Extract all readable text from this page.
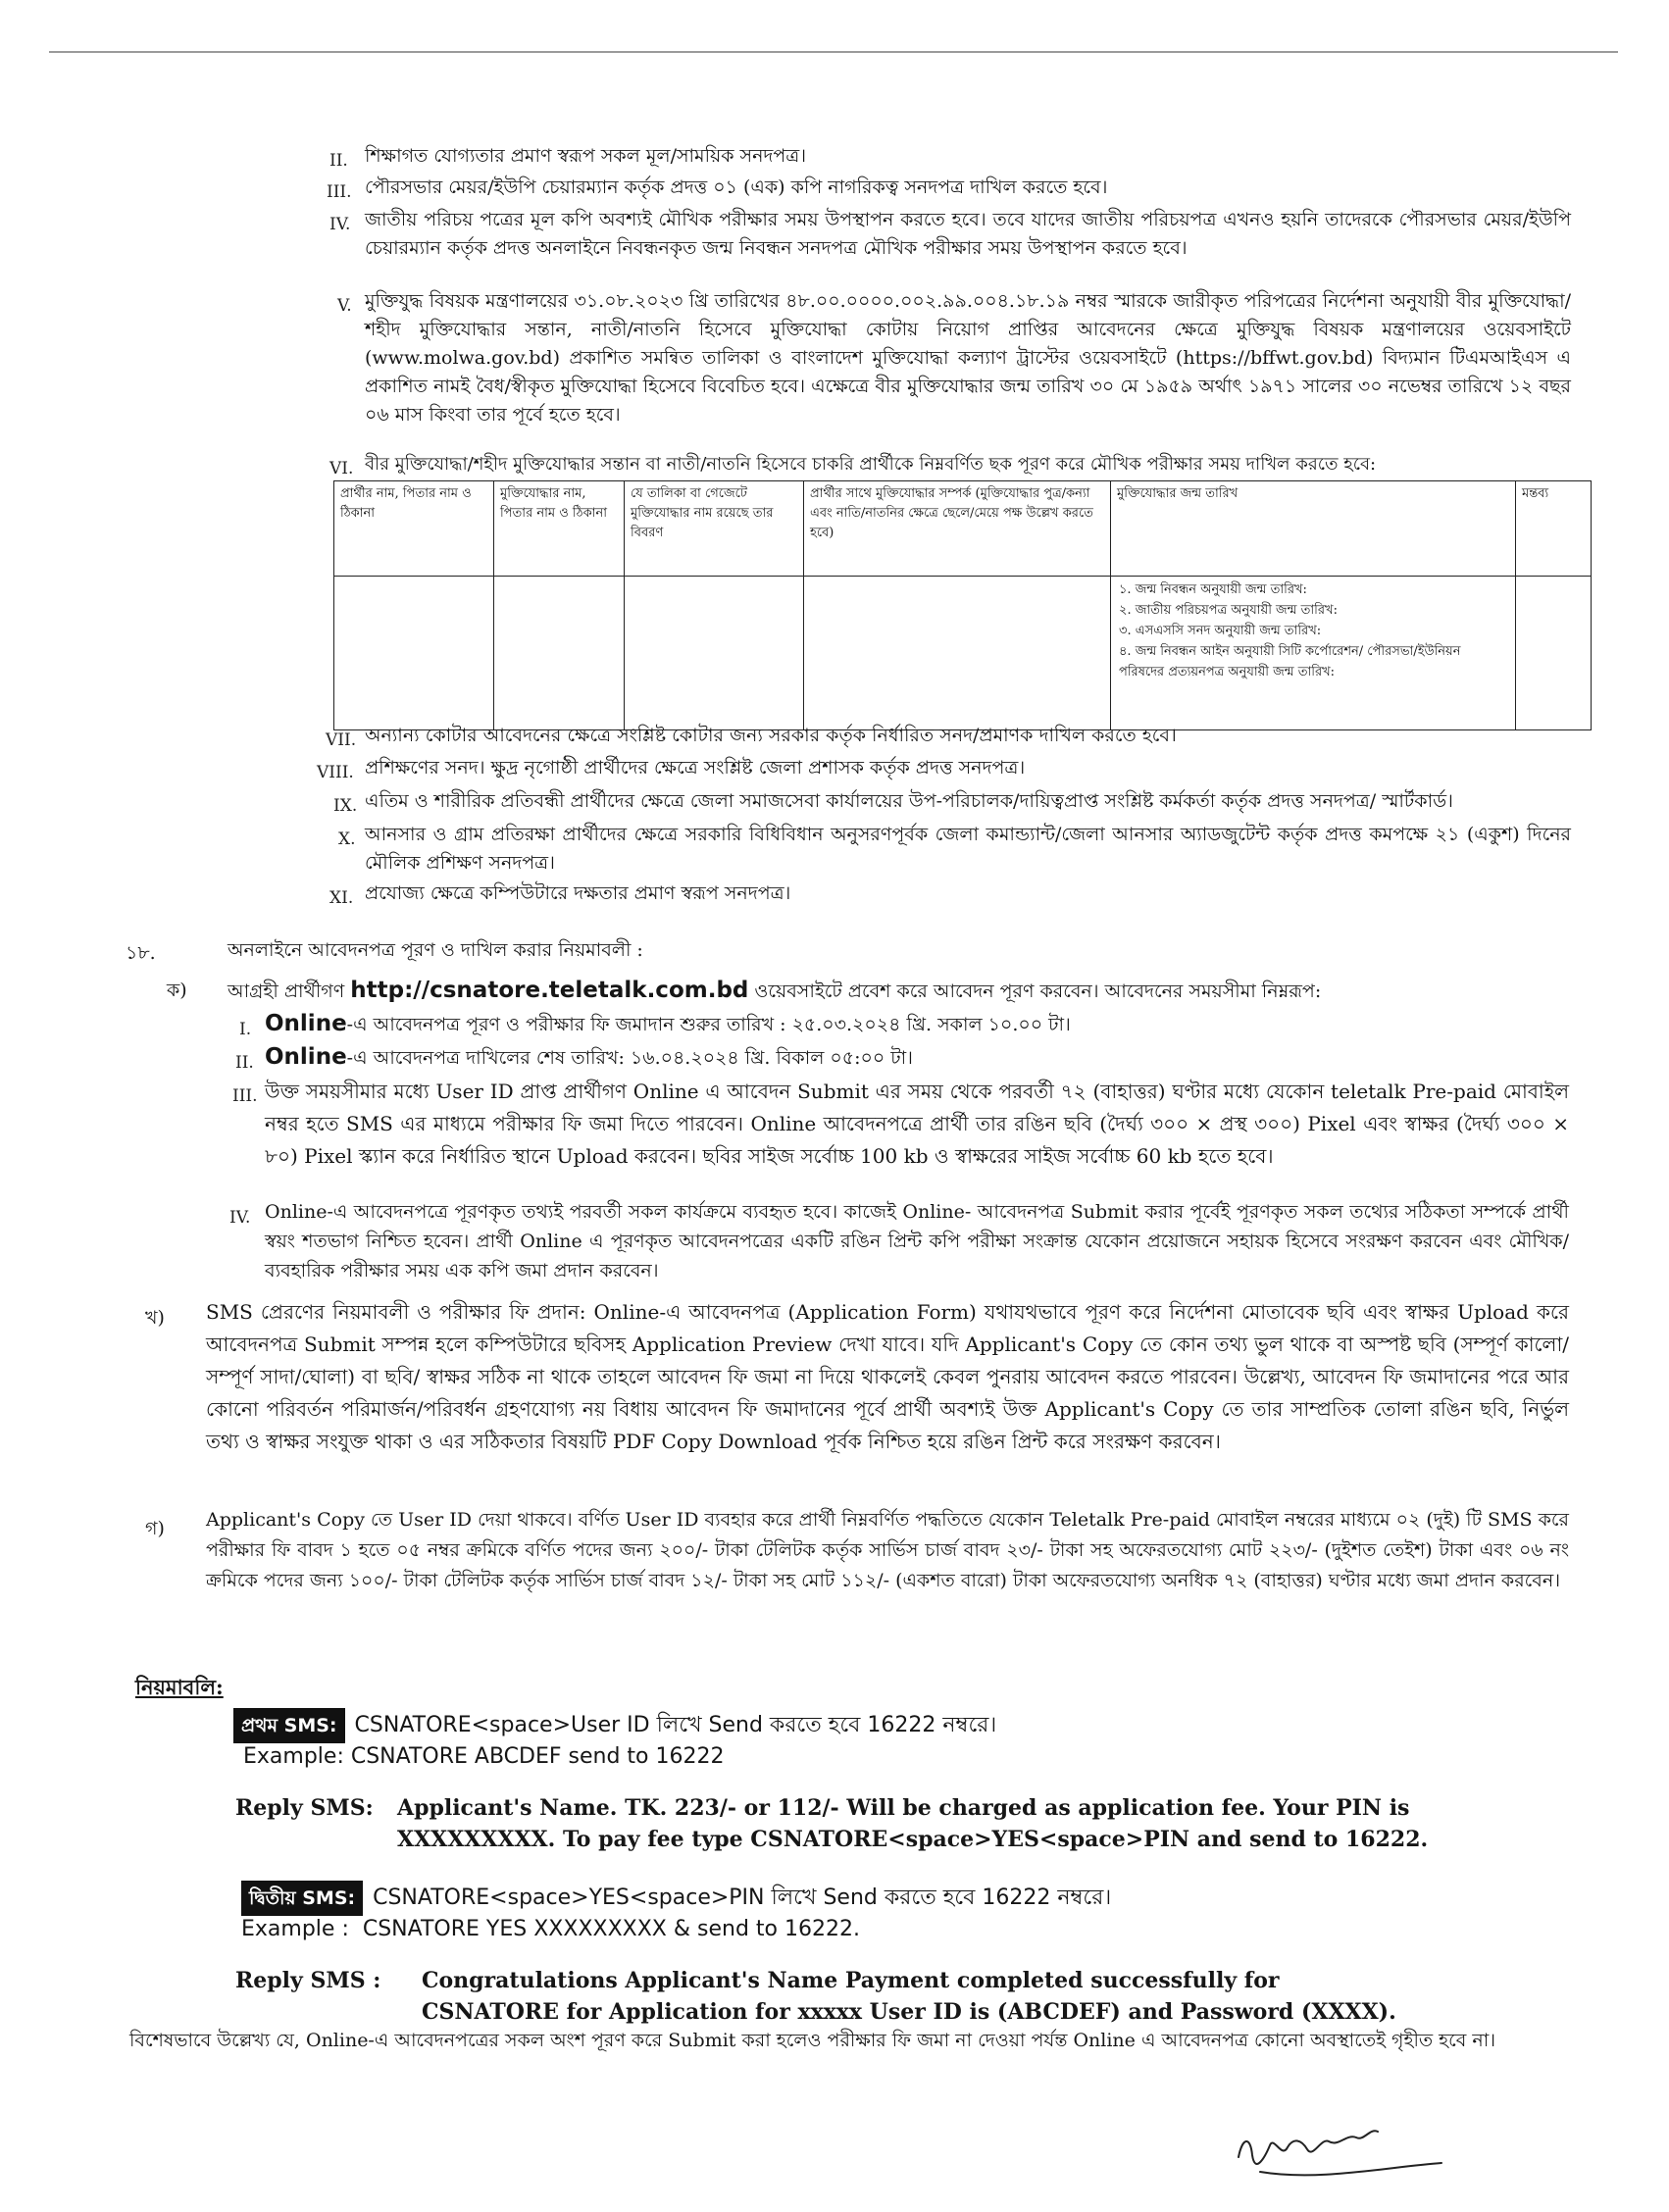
II. শিক্ষাগত যোগ্যতার প্রমাণ স্বরূপ সকল মূল/সাময়িক সনদপত্র।
III. পৌরসভার মেয়র/ইউপি চেয়ারম্যান কর্তৃক প্রদত্ত ০১ (এক) কপি নাগরিকত্ব সনদপত্র দাখিল করতে হবে।
IV. জাতীয় পরিচয় পত্রের মূল কপি অবশ্যই মৌখিক পরীক্ষার সময় উপস্থাপন করতে হবে। তবে যাদের জাতীয় পরিচয়পত্র এখনও হয়নি তাদেরকে পৌরসভার মেয়র/ইউপি চেয়ারম্যান কর্তৃক প্রদত্ত অনলাইনে নিবন্ধনকৃত জন্ম নিবন্ধন সনদপত্র মৌখিক পরীক্ষার সময় উপস্থাপন করতে হবে।
V. মুক্তিযুদ্ধ বিষয়ক মন্ত্রণালয়ের ৩১.০৮.২০২৩ খ্রি তারিখের ৪৮.০০.০০০০.০০২.৯৯.০০৪.১৮.১৯ নম্বর স্মারকে জারীকৃত পরিপত্রের নির্দেশনা অনুযায়ী বীর মুক্তিযোদ্ধা/শহীদ মুক্তিযোদ্ধার সন্তান, নাতী/নাতনি হিসেবে মুক্তিযোদ্ধা কোটায় নিয়োগ প্রাপ্তির আবেদনের ক্ষেত্রে মুক্তিযুদ্ধ বিষয়ক মন্ত্রণালয়ের ওয়েবসাইটে (www.molwa.gov.bd) প্রকাশিত সমন্বিত তালিকা ও বাংলাদেশ মুক্তিযোদ্ধা কল্যাণ ট্রাস্টের ওয়েবসাইটে (https://bffwt.gov.bd) বিদ্যমান টিএমআইএস এ প্রকাশিত নামই বৈধ/স্বীকৃত মুক্তিযোদ্ধা হিসেবে বিবেচিত হবে। এক্ষেত্রে বীর মুক্তিযোদ্ধার জন্ম তারিখ ৩০ মে ১৯৫৯ অর্থাৎ ১৯৭১ সালের ৩০ নভেম্বর তারিখে ১২ বছর ০৬ মাস কিংবা তার পূর্বে হতে হবে।
VI. বীর মুক্তিযোদ্ধা/শহীদ মুক্তিযোদ্ধার সন্তান বা নাতী/নাতনি হিসেবে চাকরি প্রার্থীকে নিম্নবর্ণিত ছক পূরণ করে মৌখিক পরীক্ষার সময় দাখিল করতে হবে:
প্রার্থীর নাম, পিতার নাম ও ঠিকানা	মুক্তিযোদ্ধার নাম, পিতার নাম ও ঠিকানা	যে তালিকা বা গেজেটে মুক্তিযোদ্ধার নাম রয়েছে তার বিবরণ	প্রার্থীর সাথে মুক্তিযোদ্ধার সম্পর্ক (মুক্তিযোদ্ধার পুত্র/কন্যা এবং নাতি/নাতনির ক্ষেত্রে ছেলে/মেয়ে পক্ষ উল্লেখ করতে হবে)	মুক্তিযোদ্ধার জন্ম তারিখ	মন্তব্য

				১. জন্ম নিবন্ধন অনুযায়ী জন্ম তারিখ:
২. জাতীয় পরিচয়পত্র অনুযায়ী জন্ম তারিখ:
৩. এসএসসি সনদ অনুযায়ী জন্ম তারিখ:
৪. জন্ম নিবন্ধন আইন অনুযায়ী সিটি কর্পোরেশন/ পৌরসভা/ইউনিয়ন পরিষদের প্রত্যয়নপত্র অনুযায়ী জন্ম তারিখ:	

VII. অন্যান্য কোটার আবেদনের ক্ষেত্রে সংশ্লিষ্ট কোটার জন্য সরকার কর্তৃক নির্ধারিত সনদ/প্রমাণক দাখিল করতে হবে।
VIII. প্রশিক্ষণের সনদ। ক্ষুদ্র নৃগোষ্ঠী প্রার্থীদের ক্ষেত্রে সংশ্লিষ্ট জেলা প্রশাসক কর্তৃক প্রদত্ত সনদপত্র।
IX. এতিম ও শারীরিক প্রতিবন্ধী প্রার্থীদের ক্ষেত্রে জেলা সমাজসেবা কার্যালয়ের উপ-পরিচালক/দায়িত্বপ্রাপ্ত সংশ্লিষ্ট কর্মকর্তা কর্তৃক প্রদত্ত সনদপত্র/ স্মার্টকার্ড।
X. আনসার ও গ্রাম প্রতিরক্ষা প্রার্থীদের ক্ষেত্রে সরকারি বিধিবিধান অনুসরণপূর্বক জেলা কমান্ড্যান্ট/জেলা আনসার অ্যাডজুটেন্ট কর্তৃক প্রদত্ত কমপক্ষে ২১ (একুশ) দিনের মৌলিক প্রশিক্ষণ সনদপত্র।
XI. প্রযোজ্য ক্ষেত্রে কম্পিউটারে দক্ষতার প্রমাণ স্বরূপ সনদপত্র।
১৮.	অনলাইনে আবেদনপত্র পূরণ ও দাখিল করার নিয়মাবলী :
ক) আগ্রহী প্রার্থীগণ http://csnatore.teletalk.com.bd ওয়েবসাইটে প্রবেশ করে আবেদন পূরণ করবেন। আবেদনের সময়সীমা নিম্নরূপ:
I. Online-এ আবেদনপত্র পূরণ ও পরীক্ষার ফি জমাদান শুরুর তারিখ : ২৫.০৩.২০২৪ খ্রি. সকাল ১০.০০ টা।
II. Online-এ আবেদনপত্র দাখিলের শেষ তারিখ: ১৬.০৪.২০২৪ খ্রি. বিকাল ০৫:০০ টা।
III. উক্ত সময়সীমার মধ্যে User ID প্রাপ্ত প্রার্থীগণ Online এ আবেদন Submit এর সময় থেকে পরবর্তী ৭২ (বাহাত্তর) ঘণ্টার মধ্যে যেকোন teletalk Pre-paid মোবাইল নম্বর হতে SMS এর মাধ্যমে পরীক্ষার ফি জমা দিতে পারবেন। Online আবেদনপত্রে প্রার্থী তার রঙিন ছবি (দৈর্ঘ্য ৩০০ × প্রস্থ ৩০০) Pixel এবং স্বাক্ষর (দৈর্ঘ্য ৩০০ × ৮০) Pixel স্ক্যান করে নির্ধারিত স্থানে Upload করবেন। ছবির সাইজ সর্বোচ্চ 100 kb ও স্বাক্ষরের সাইজ সর্বোচ্চ 60 kb হতে হবে।
IV. Online-এ আবেদনপত্রে পূরণকৃত তথ্যই পরবর্তী সকল কার্যক্রমে ব্যবহৃত হবে। কাজেই Online- আবেদনপত্র Submit করার পূর্বেই পূরণকৃত সকল তথ্যের সঠিকতা সম্পর্কে প্রার্থী স্বয়ং শতভাগ নিশ্চিত হবেন। প্রার্থী Online এ পূরণকৃত আবেদনপত্রের একটি রঙিন প্রিন্ট কপি পরীক্ষা সংক্রান্ত যেকোন প্রয়োজনে সহায়ক হিসেবে সংরক্ষণ করবেন এবং মৌখিক/ব্যবহারিক পরীক্ষার সময় এক কপি জমা প্রদান করবেন।
খ) SMS প্রেরণের নিয়মাবলী ও পরীক্ষার ফি প্রদান: Online-এ আবেদনপত্র (Application Form) যথাযথভাবে পূরণ করে নির্দেশনা মোতাবেক ছবি এবং স্বাক্ষর Upload করে আবেদনপত্র Submit সম্পন্ন হলে কম্পিউটারে ছবিসহ Application Preview দেখা যাবে। যদি Applicant's Copy তে কোন তথ্য ভুল থাকে বা অস্পষ্ট ছবি (সম্পূর্ণ কালো/সম্পূর্ণ সাদা/ঘোলা) বা ছবি/ স্বাক্ষর সঠিক না থাকে তাহলে আবেদন ফি জমা না দিয়ে থাকলেই কেবল পুনরায় আবেদন করতে পারবেন। উল্লেখ্য, আবেদন ফি জমাদানের পরে আর কোনো পরিবর্তন পরিমার্জন/পরিবর্ধন গ্রহণযোগ্য নয় বিধায় আবেদন ফি জমাদানের পূর্বে প্রার্থী অবশ্যই উক্ত Applicant's Copy তে তার সাম্প্রতিক তোলা রঙিন ছবি, নির্ভুল তথ্য ও স্বাক্ষর সংযুক্ত থাকা ও এর সঠিকতার বিষয়টি PDF Copy Download পূর্বক নিশ্চিত হয়ে রঙিন প্রিন্ট করে সংরক্ষণ করবেন।
গ) Applicant's Copy তে User ID দেয়া থাকবে। বর্ণিত User ID ব্যবহার করে প্রার্থী নিম্নবর্ণিত পদ্ধতিতে যেকোন Teletalk Pre-paid মোবাইল নম্বরের মাধ্যমে ০২ (দুই) টি SMS করে পরীক্ষার ফি বাবদ ১ হতে ০৫ নম্বর ক্রমিকে বর্ণিত পদের জন্য ২০০/- টাকা টেলিটক কর্তৃক সার্ভিস চার্জ বাবদ ২৩/- টাকা সহ অফেরতযোগ্য মোট ২২৩/- (দুইশত তেইশ) টাকা এবং ০৬ নং ক্রমিকে পদের জন্য ১০০/- টাকা টেলিটক কর্তৃক সার্ভিস চার্জ বাবদ ১২/- টাকা সহ মোট ১১২/- (একশত বারো) টাকা অফেরতযোগ্য অনধিক ৭২ (বাহাত্তর) ঘণ্টার মধ্যে জমা প্রদান করবেন।
নিয়মাবলি:
প্রথম SMS: CSNATORE<space>User ID লিখে Send করতে হবে 16222 নম্বরে।
Example: CSNATORE ABCDEF send to 16222
Reply SMS: Applicant's Name. TK. 223/- or 112/- Will be charged as application fee. Your PIN is
XXXXXXXXX. To pay fee type CSNATORE<space>YES<space>PIN and send to 16222.
দ্বিতীয় SMS: CSNATORE<space>YES<space>PIN লিখে Send করতে হবে 16222 নম্বরে।
Example : CSNATORE YES XXXXXXXXX & send to 16222.
Reply SMS : Congratulations Applicant's Name Payment completed successfully for
CSNATORE for Application for xxxxx User ID is (ABCDEF) and Password (XXXX).
বিশেষভাবে উল্লেখ্য যে, Online-এ আবেদনপত্রের সকল অংশ পূরণ করে Submit করা হলেও পরীক্ষার ফি জমা না দেওয়া পর্যন্ত Online এ আবেদনপত্র কোনো অবস্থাতেই গৃহীত হবে না।
